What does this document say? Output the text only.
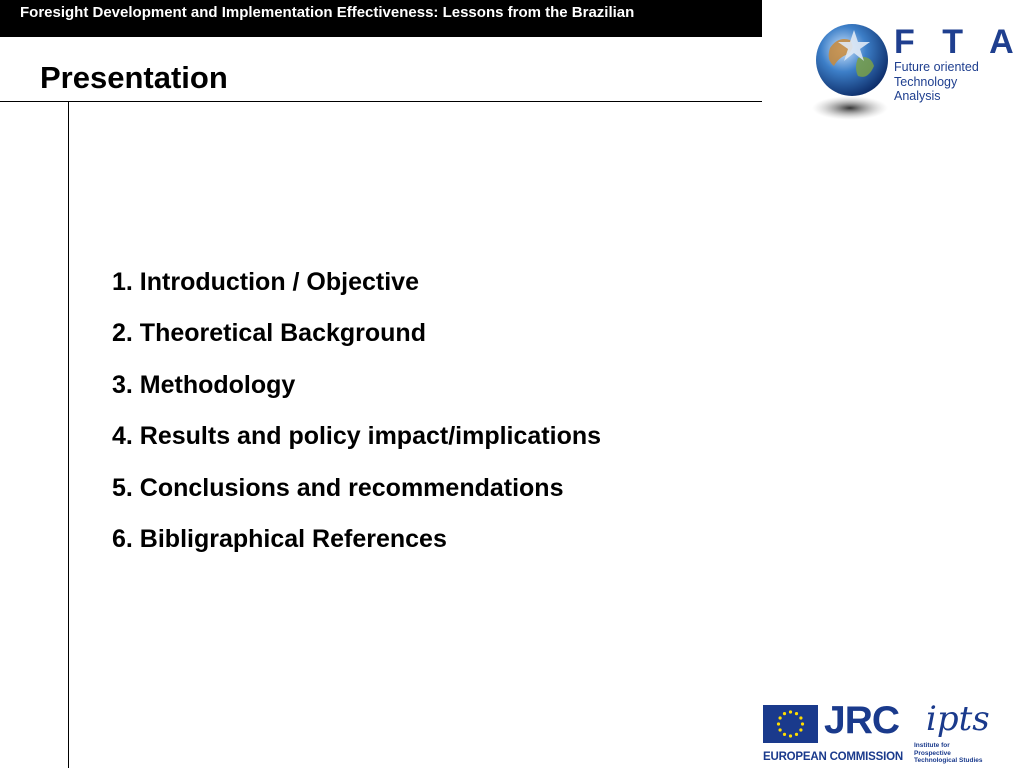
Foresight Development and Implementation Effectiveness: Lessons from the Brazilian
Presentation
1. Introduction / Objective
2. Theoretical Background
3. Methodology
4. Results and policy impact/implications
5. Conclusions and recommendations
6. Bibligraphical References
F T A
Future oriented
Technology
Analysis
JRC
EUROPEAN COMMISSION
ipts
Institute for
Prospective
Technological Studies
